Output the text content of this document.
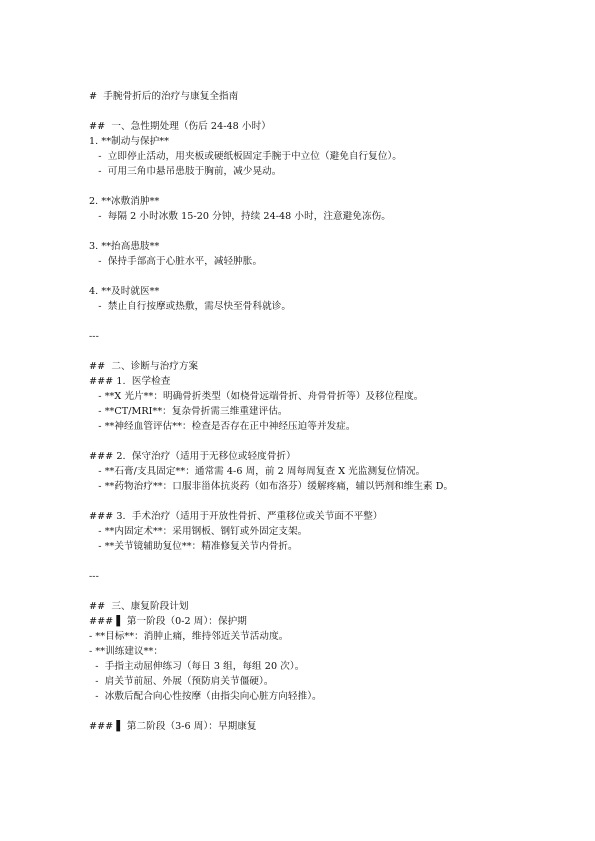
#  手腕骨折后的治疗与康复全指南
##  一、急性期处理（伤后 24-48 小时）
1. **制动与保护**
-  立即停止活动，用夹板或硬纸板固定手腕于中立位（避免自行复位）。
-  可用三角巾悬吊患肢于胸前，减少晃动。
2. **冰敷消肿**
-  每隔 2 小时冰敷 15-20 分钟，持续 24-48 小时，注意避免冻伤。
3. **抬高患肢**
-  保持手部高于心脏水平，减轻肿胀。
4. **及时就医**
-  禁止自行按摩或热敷，需尽快至骨科就诊。
---
##  二、诊断与治疗方案
### 1.  医学检查
- **X 光片**：明确骨折类型（如桡骨远端骨折、舟骨骨折等）及移位程度。
- **CT/MRI**：复杂骨折需三维重建评估。
- **神经血管评估**：检查是否存在正中神经压迫等并发症。
### 2.  保守治疗（适用于无移位或轻度骨折）
- **石膏/支具固定**：通常需 4-6 周，前 2 周每周复查 X 光监测复位情况。
- **药物治疗**：口服非甾体抗炎药（如布洛芬）缓解疼痛，辅以钙剂和维生素 D。
### 3.  手术治疗（适用于开放性骨折、严重移位或关节面不平整）
- **内固定术**：采用钢板、钢钉或外固定支架。
- **关节镜辅助复位**：精准修复关节内骨折。
---
##  三、康复阶段计划
### ▌ 第一阶段（0-2 周）：保护期
- **目标**：消肿止痛，维持邻近关节活动度。
- **训练建议**：
-  手指主动屈伸练习（每日 3 组，每组 20 次）。
-  肩关节前屈、外展（预防肩关节僵硬）。
-  冰敷后配合向心性按摩（由指尖向心脏方向轻推）。
### ▌ 第二阶段（3-6 周）：早期康复
